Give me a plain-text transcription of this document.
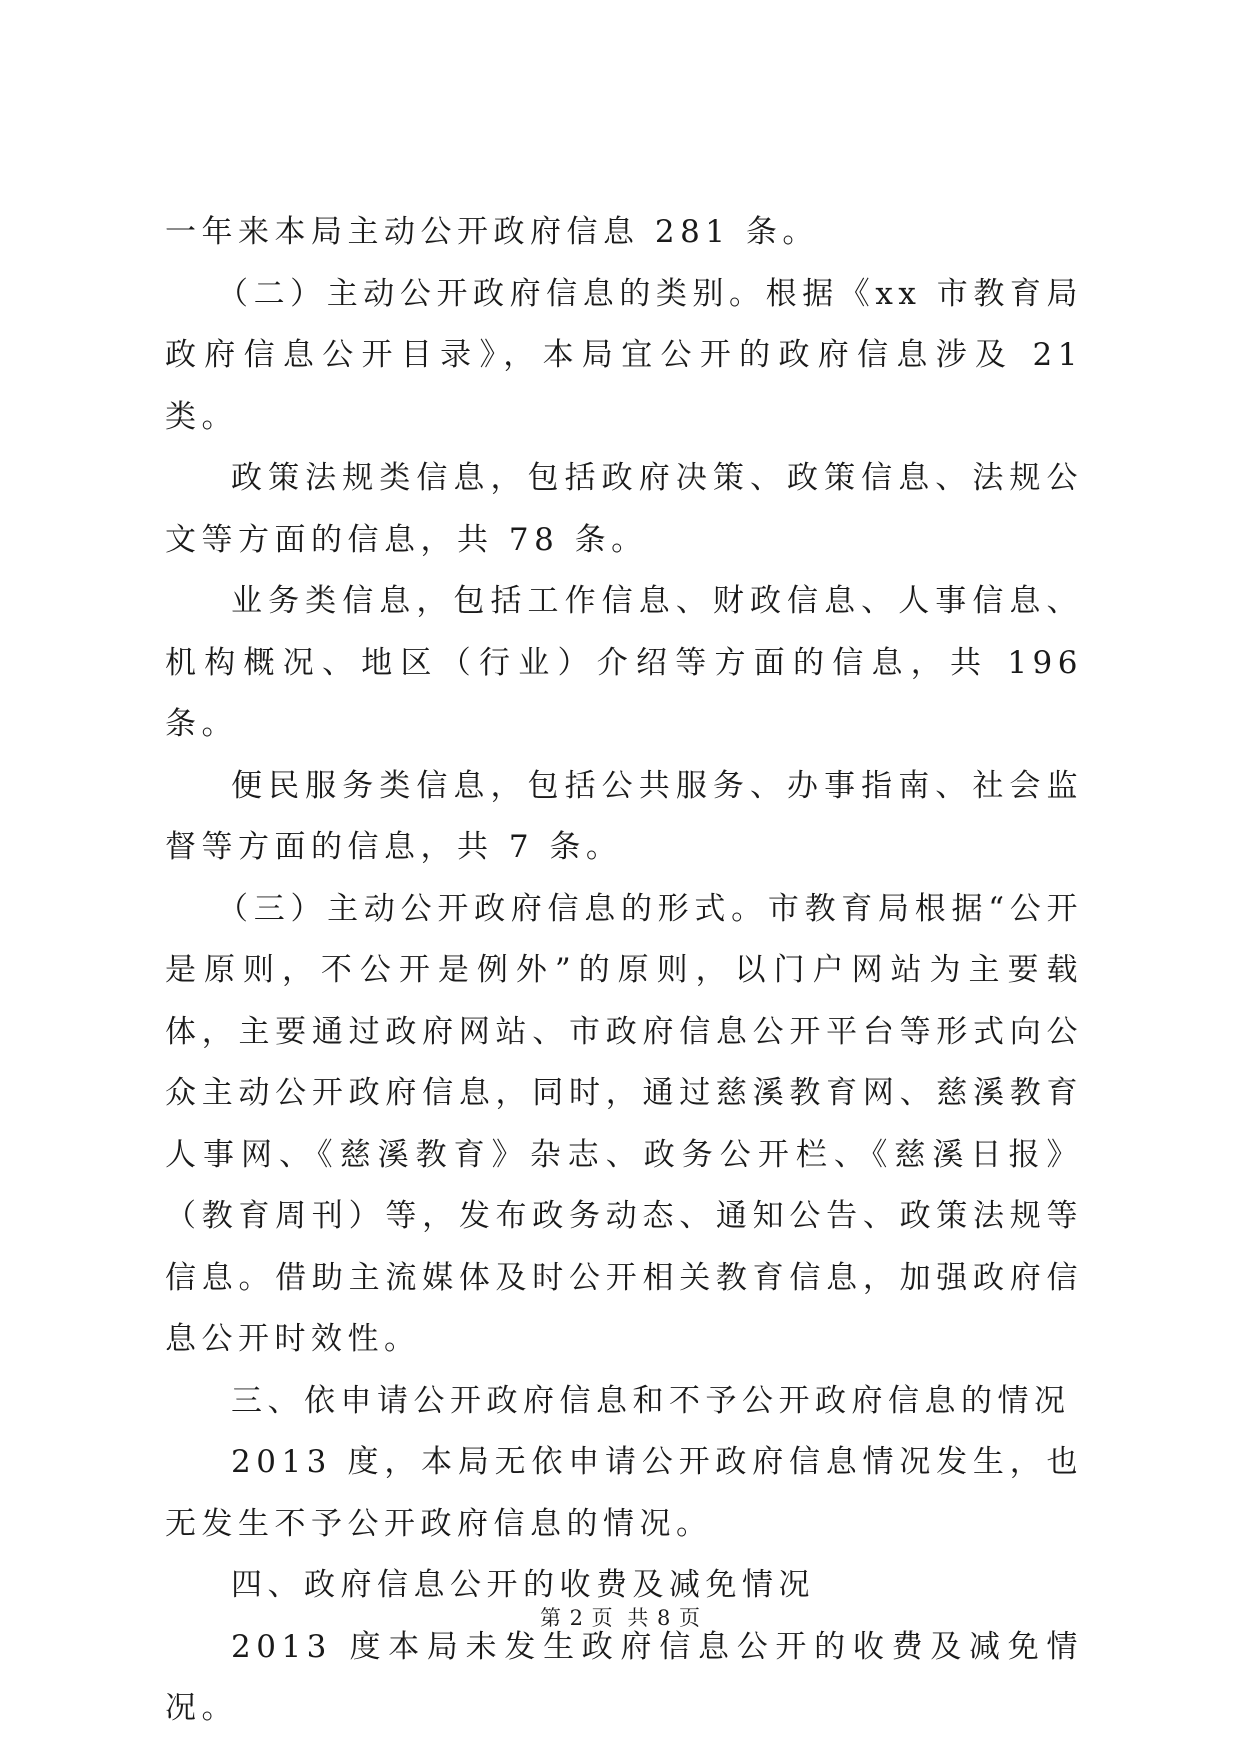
一年来本局主动公开政府信息 281 条。

（二）主动公开政府信息的类别。根据《xx 市教育局政府信息公开目录》，本局宜公开的政府信息涉及 21 类。

政策法规类信息，包括政府决策、政策信息、法规公文等方面的信息，共 78 条。

业务类信息，包括工作信息、财政信息、人事信息、机构概况、地区（行业）介绍等方面的信息，共 196 条。

便民服务类信息，包括公共服务、办事指南、社会监督等方面的信息，共 7 条。

（三）主动公开政府信息的形式。市教育局根据“公开是原则，不公开是例外”的原则，以门户网站为主要载体，主要通过政府网站、市政府信息公开平台等形式向公众主动公开政府信息，同时，通过慈溪教育网、慈溪教育人事网、《慈溪教育》杂志、政务公开栏、《慈溪日报》（教育周刊）等，发布政务动态、通知公告、政策法规等信息。借助主流媒体及时公开相关教育信息，加强政府信息公开时效性。

三、依申请公开政府信息和不予公开政府信息的情况

2013 度，本局无依申请公开政府信息情况发生，也无发生不予公开政府信息的情况。

四、政府信息公开的收费及减免情况

2013 度本局未发生政府信息公开的收费及减免情况。

第 2 页 共 8 页
